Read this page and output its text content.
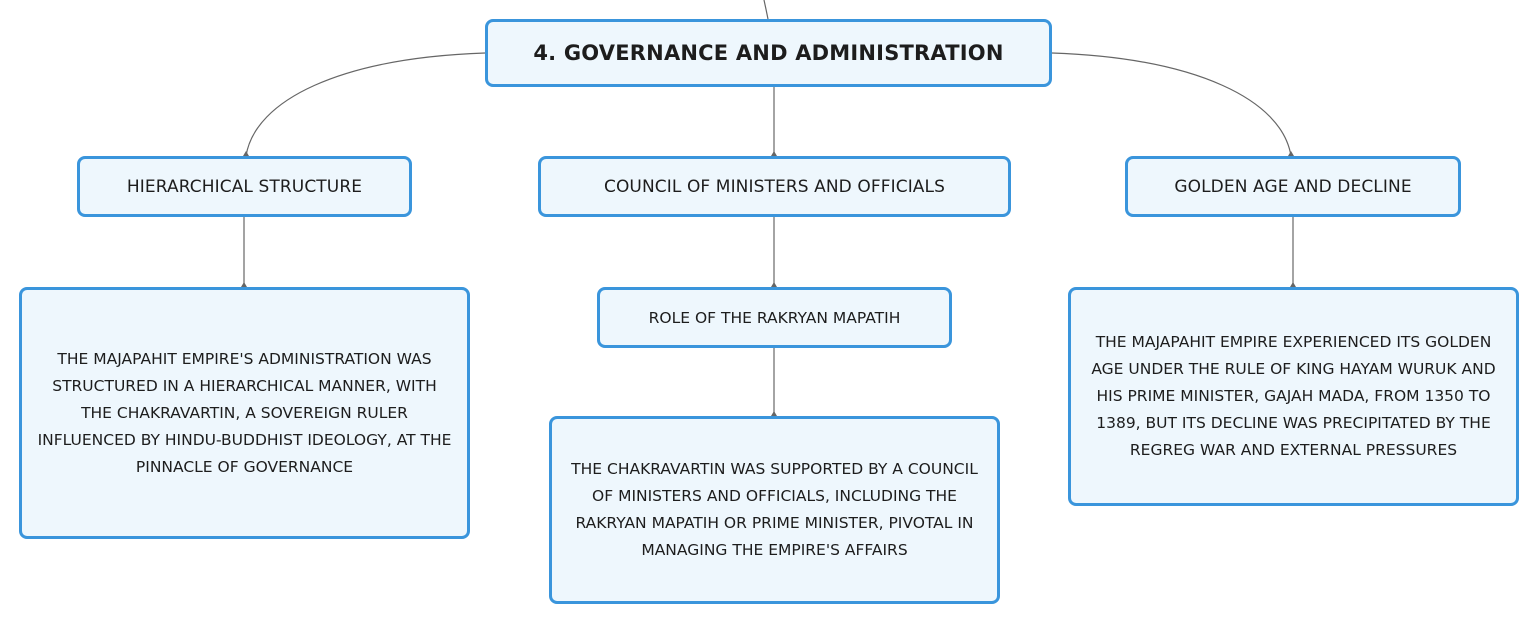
4. GOVERNANCE AND ADMINISTRATION
HIERARCHICAL STRUCTURE	COUNCIL OF MINISTERS AND OFFICIALS	GOLDEN AGE AND DECLINE
ROLE OF THE RAKRYAN MAPATIH
THE MAJAPAHIT EMPIRE'S ADMINISTRATION WAS STRUCTURED IN A HIERARCHICAL MANNER, WITH THE CHAKRAVARTIN, A SOVEREIGN RULER INFLUENCED BY HINDU-BUDDHIST IDEOLOGY, AT THE PINNACLE OF GOVERNANCE	THE CHAKRAVARTIN WAS SUPPORTED BY A COUNCIL OF MINISTERS AND OFFICIALS, INCLUDING THE RAKRYAN MAPATIH OR PRIME MINISTER, PIVOTAL IN MANAGING THE EMPIRE'S AFFAIRS
THE MAJAPAHIT EMPIRE EXPERIENCED ITS GOLDEN AGE UNDER THE RULE OF KING HAYAM WURUK AND HIS PRIME MINISTER, GAJAH MADA, FROM 1350 TO 1389, BUT ITS DECLINE WAS PRECIPITATED BY THE REGREG WAR AND EXTERNAL PRESSURES
